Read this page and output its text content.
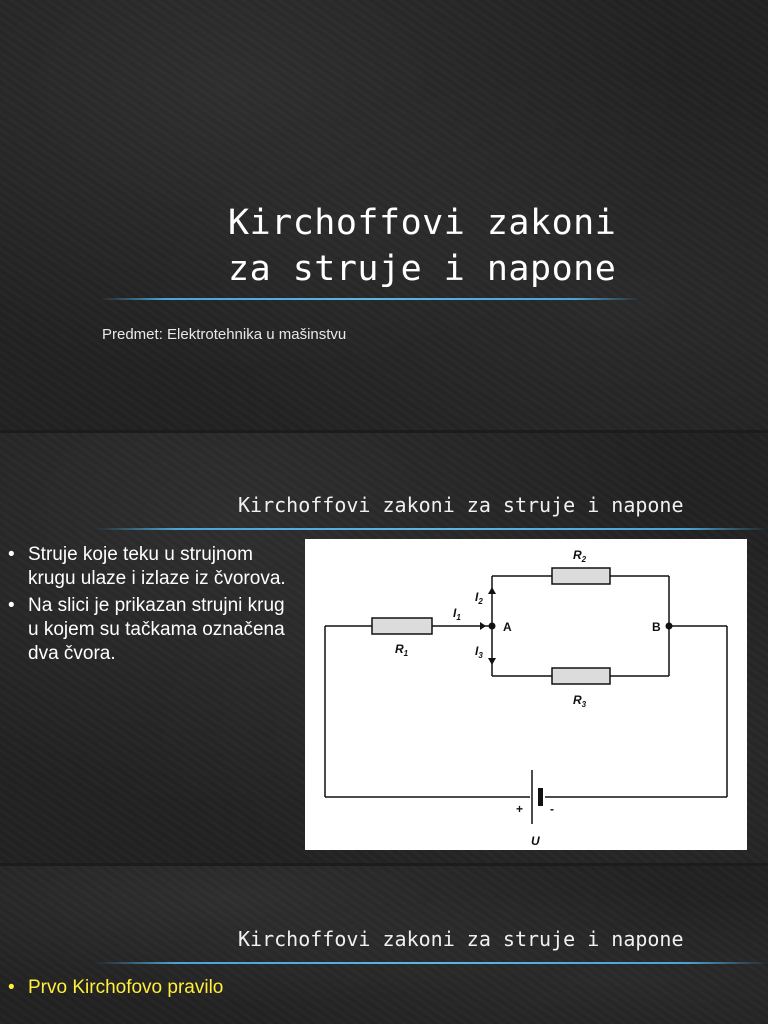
Kirchoffovi zakoni
za struje i napone
Predmet: Elektrotehnika u mašinstvu
Kirchoffovi zakoni za struje i napone
• Struje koje teku u strujnom krugu ulaze i izlaze iz čvorova.
• Na slici je prikazan strujni krug u kojem su tačkama označena dva čvora.
$R_2$
$R_1$
$R_3$
$I_1$
$I_2$
$I_3$
A	B
+ -
U
Kirchoffovi zakoni za struje i napone
• Prvo Kirchofovo pravilo
